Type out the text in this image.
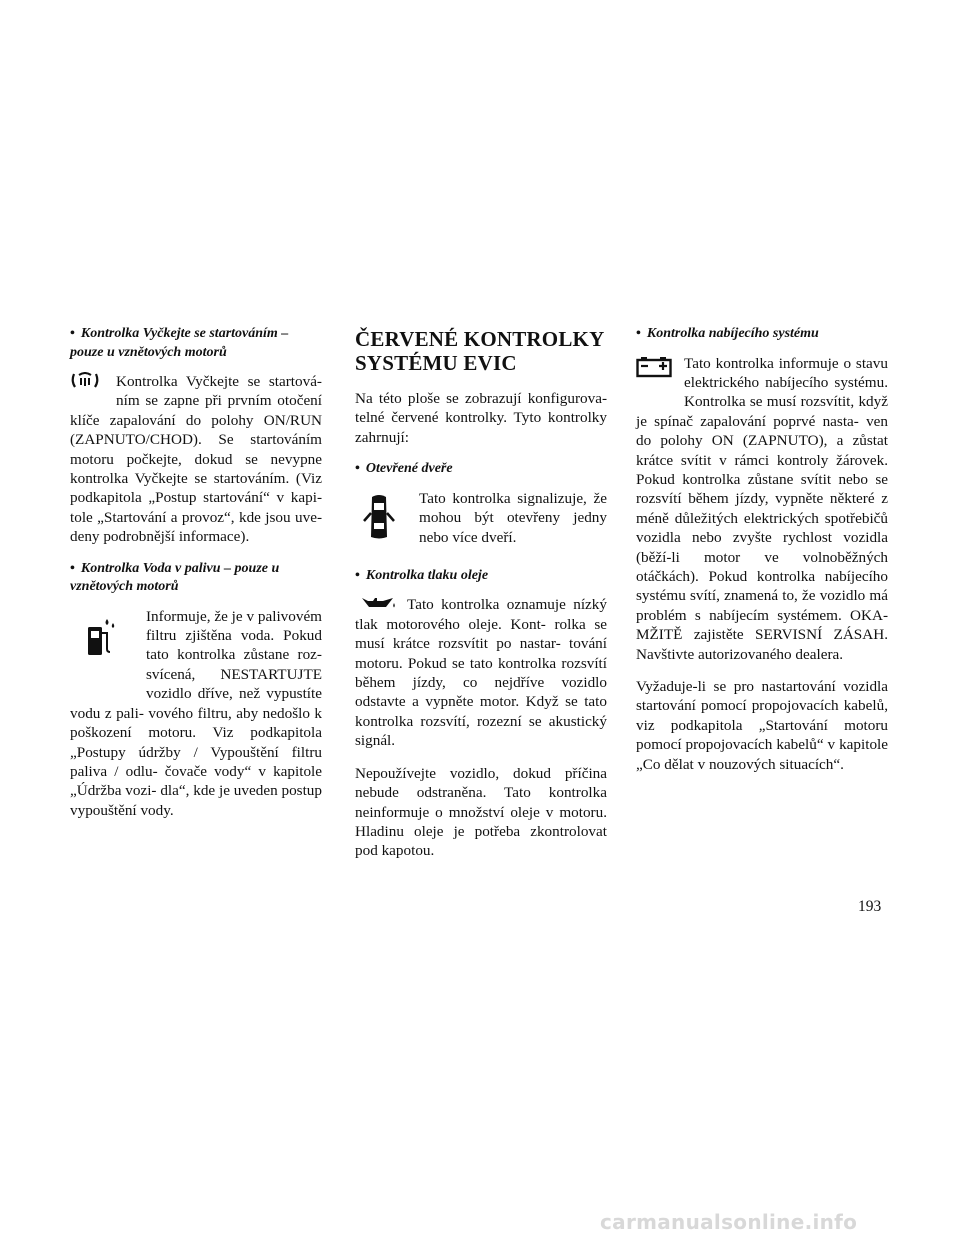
• Kontrolka Vyčkejte se startováním – pouze u vznětových motorů

Kontrolka Vyčkejte se startová- ním se zapne při prvním otočení klíče zapalování do polohy ON/RUN (ZAPNUTO/CHOD). Se startováním motoru počkejte, dokud se nevypne kontrolka Vyčkejte se startováním. (Viz podkapitola „Postup startování“ v kapi- tole „Startování a provoz“, kde jsou uve- deny podrobnější informace).

• Kontrolka Voda v palivu – pouze u vznětových motorů

Informuje, že je v palivovém filtru zjištěna voda. Pokud tato kontrolka zůstane roz- svícená, NESTARTUJTE vozidlo dříve, než vypustíte vodu z pali- vového filtru, aby nedošlo k poškození motoru. Viz podkapitola „Postupy údržby / Vypouštění filtru paliva / odlu- čovače vody“ v kapitole „Údržba vozi- dla“, kde je uveden postup vypouštění vody.

ČERVENÉ KONTROLKY SYSTÉMU EVIC

Na této ploše se zobrazují konfigurova- telné červené kontrolky. Tyto kontrolky zahrnují:

• Otevřené dveře

Tato kontrolka signalizuje, že mohou být otevřeny jedny nebo více dveří.

• Kontrolka tlaku oleje

Tato kontrolka oznamuje nízký tlak motorového oleje. Kont- rolka se musí krátce rozsvítit po nastar- tování motoru. Pokud se tato kontrolka rozsvítí během jízdy, co nejdříve vozidlo odstavte a vypněte motor. Když se tato kontrolka rozsvítí, rozezní se akustický signál.

Nepoužívejte vozidlo, dokud příčina nebude odstraněna. Tato kontrolka neinformuje o množství oleje v motoru. Hladinu oleje je potřeba zkontrolovat pod kapotou.

• Kontrolka nabíjecího systému

Tato kontrolka informuje o stavu elektrického nabíjecího systému. Kontrolka se musí rozsvítit, když je spínač zapalování poprvé nasta- ven do polohy ON (ZAPNUTO), a zůstat krátce svítit v rámci kontroly žárovek. Pokud kontrolka zůstane svítit nebo se rozsvítí během jízdy, vypněte některé z méně důležitých elektrických spotřebičů vozidla nebo zvyšte rychlost vozidla (běží-li motor ve volnoběžných otáčkách). Pokud kontrolka nabíjecího systému svítí, znamená to, že vozidlo má problém s nabíjecím systémem. OKA- MŽITĚ zajistěte SERVISNÍ ZÁSAH. Navštivte autorizovaného dealera.

Vyžaduje-li se pro nastartování vozidla startování pomocí propojovacích kabelů, viz podkapitola „Startování motoru pomocí propojovacích kabelů“ v kapitole „Co dělat v nouzových situacích“.

193
carmanualsonline.info
